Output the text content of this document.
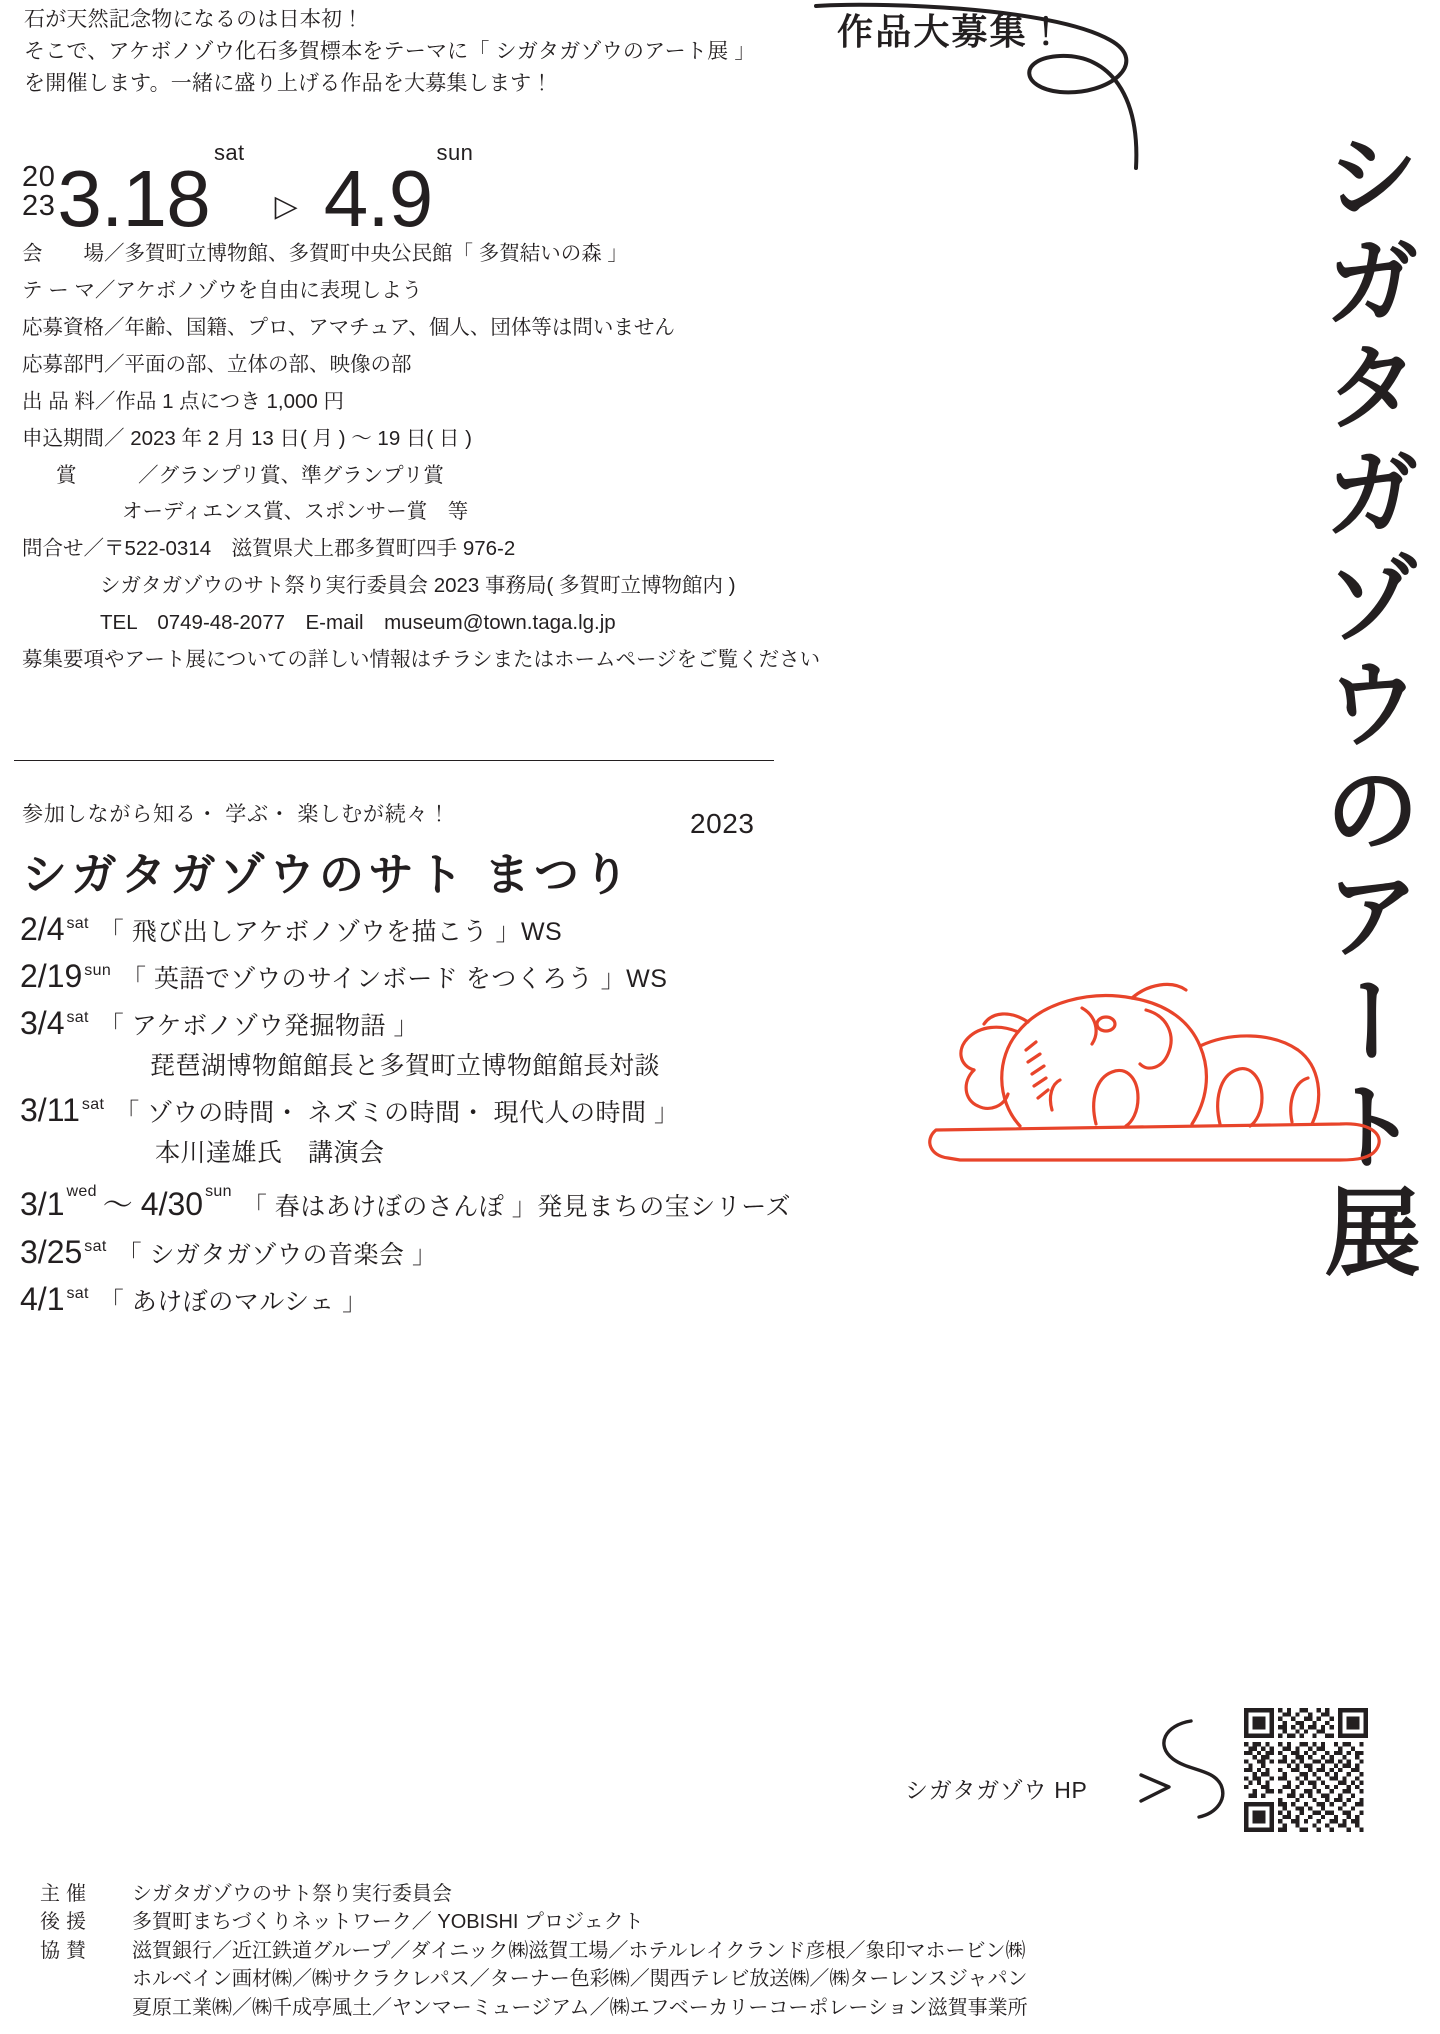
石が天然記念物になるのは日本初！
そこで、アケボノゾウ化石多賀標本をテーマに「 シガタガゾウのアート展 」
を開催します。一緒に盛り上げる作品を大募集します！
20
23 3.18
sat
▷ 4.9
sun
会　　場／多賀町立博物館、多賀町中央公民館「 多賀結いの森 」
テ ー マ／アケボノゾウを自由に表現しよう
応募資格／年齢、国籍、プロ、アマチュア、個人、団体等は問いません
応募部門／平面の部、立体の部、映像の部
出 品 料／作品 1 点につき 1,000 円
申込期間／ 2023 年 2 月 13 日( 月 ) 〜 19 日( 日 )
賞　　　／グランプリ賞、準グランプリ賞
オーディエンス賞、スポンサー賞　等
問合せ／〒522-0314　滋賀県犬上郡多賀町四手 976-2
シガタガゾウのサト祭り実行委員会 2023 事務局( 多賀町立博物館内 )
TEL　0749-48-2077　E-mail　museum@town.taga.lg.jp
募集要項やアート展についての詳しい情報はチラシまたはホームページをご覧ください
参加しながら知る・ 学ぶ・ 楽しむが続々！
シガタガゾウのサト まつり
2023
2/4 sat 「 飛び出しアケボノゾウを描こう 」WS
2/19 sun 「 英語でゾウのサインボード をつくろう 」WS
3/4 sat 「 アケボノゾウ発掘物語 」
琵琶湖博物館館長と多賀町立博物館館長対談
3/11 sat 「 ゾウの時間・ ネズミの時間・ 現代人の時間 」
本川達雄氏　講演会
3/1 wed 〜 4/30 sun
「 春はあけぼのさんぽ 」発見まちの宝シリーズ
3/25 sat 「 シガタガゾウの音楽会 」
4/1 sat 「 あけぼのマルシェ 」
作品大募集！
シガタガゾウのアート展
シガタガゾウ HP
主催	シガタガゾウのサト祭り実行委員会
後援	多賀町まちづくりネットワーク／ YOBISHI プロジェクト
協賛	滋賀銀行／近江鉄道グループ／ダイニック㈱滋賀工場／ホテルレイクランド彦根／象印マホービン㈱
ホルベイン画材㈱／㈱サクラクレパス／ターナー色彩㈱／関西テレビ放送㈱／㈱ターレンスジャパン
夏原工業㈱／㈱千成亭風土／ヤンマーミュージアム／㈱エフベーカリーコーポレーション滋賀事業所
